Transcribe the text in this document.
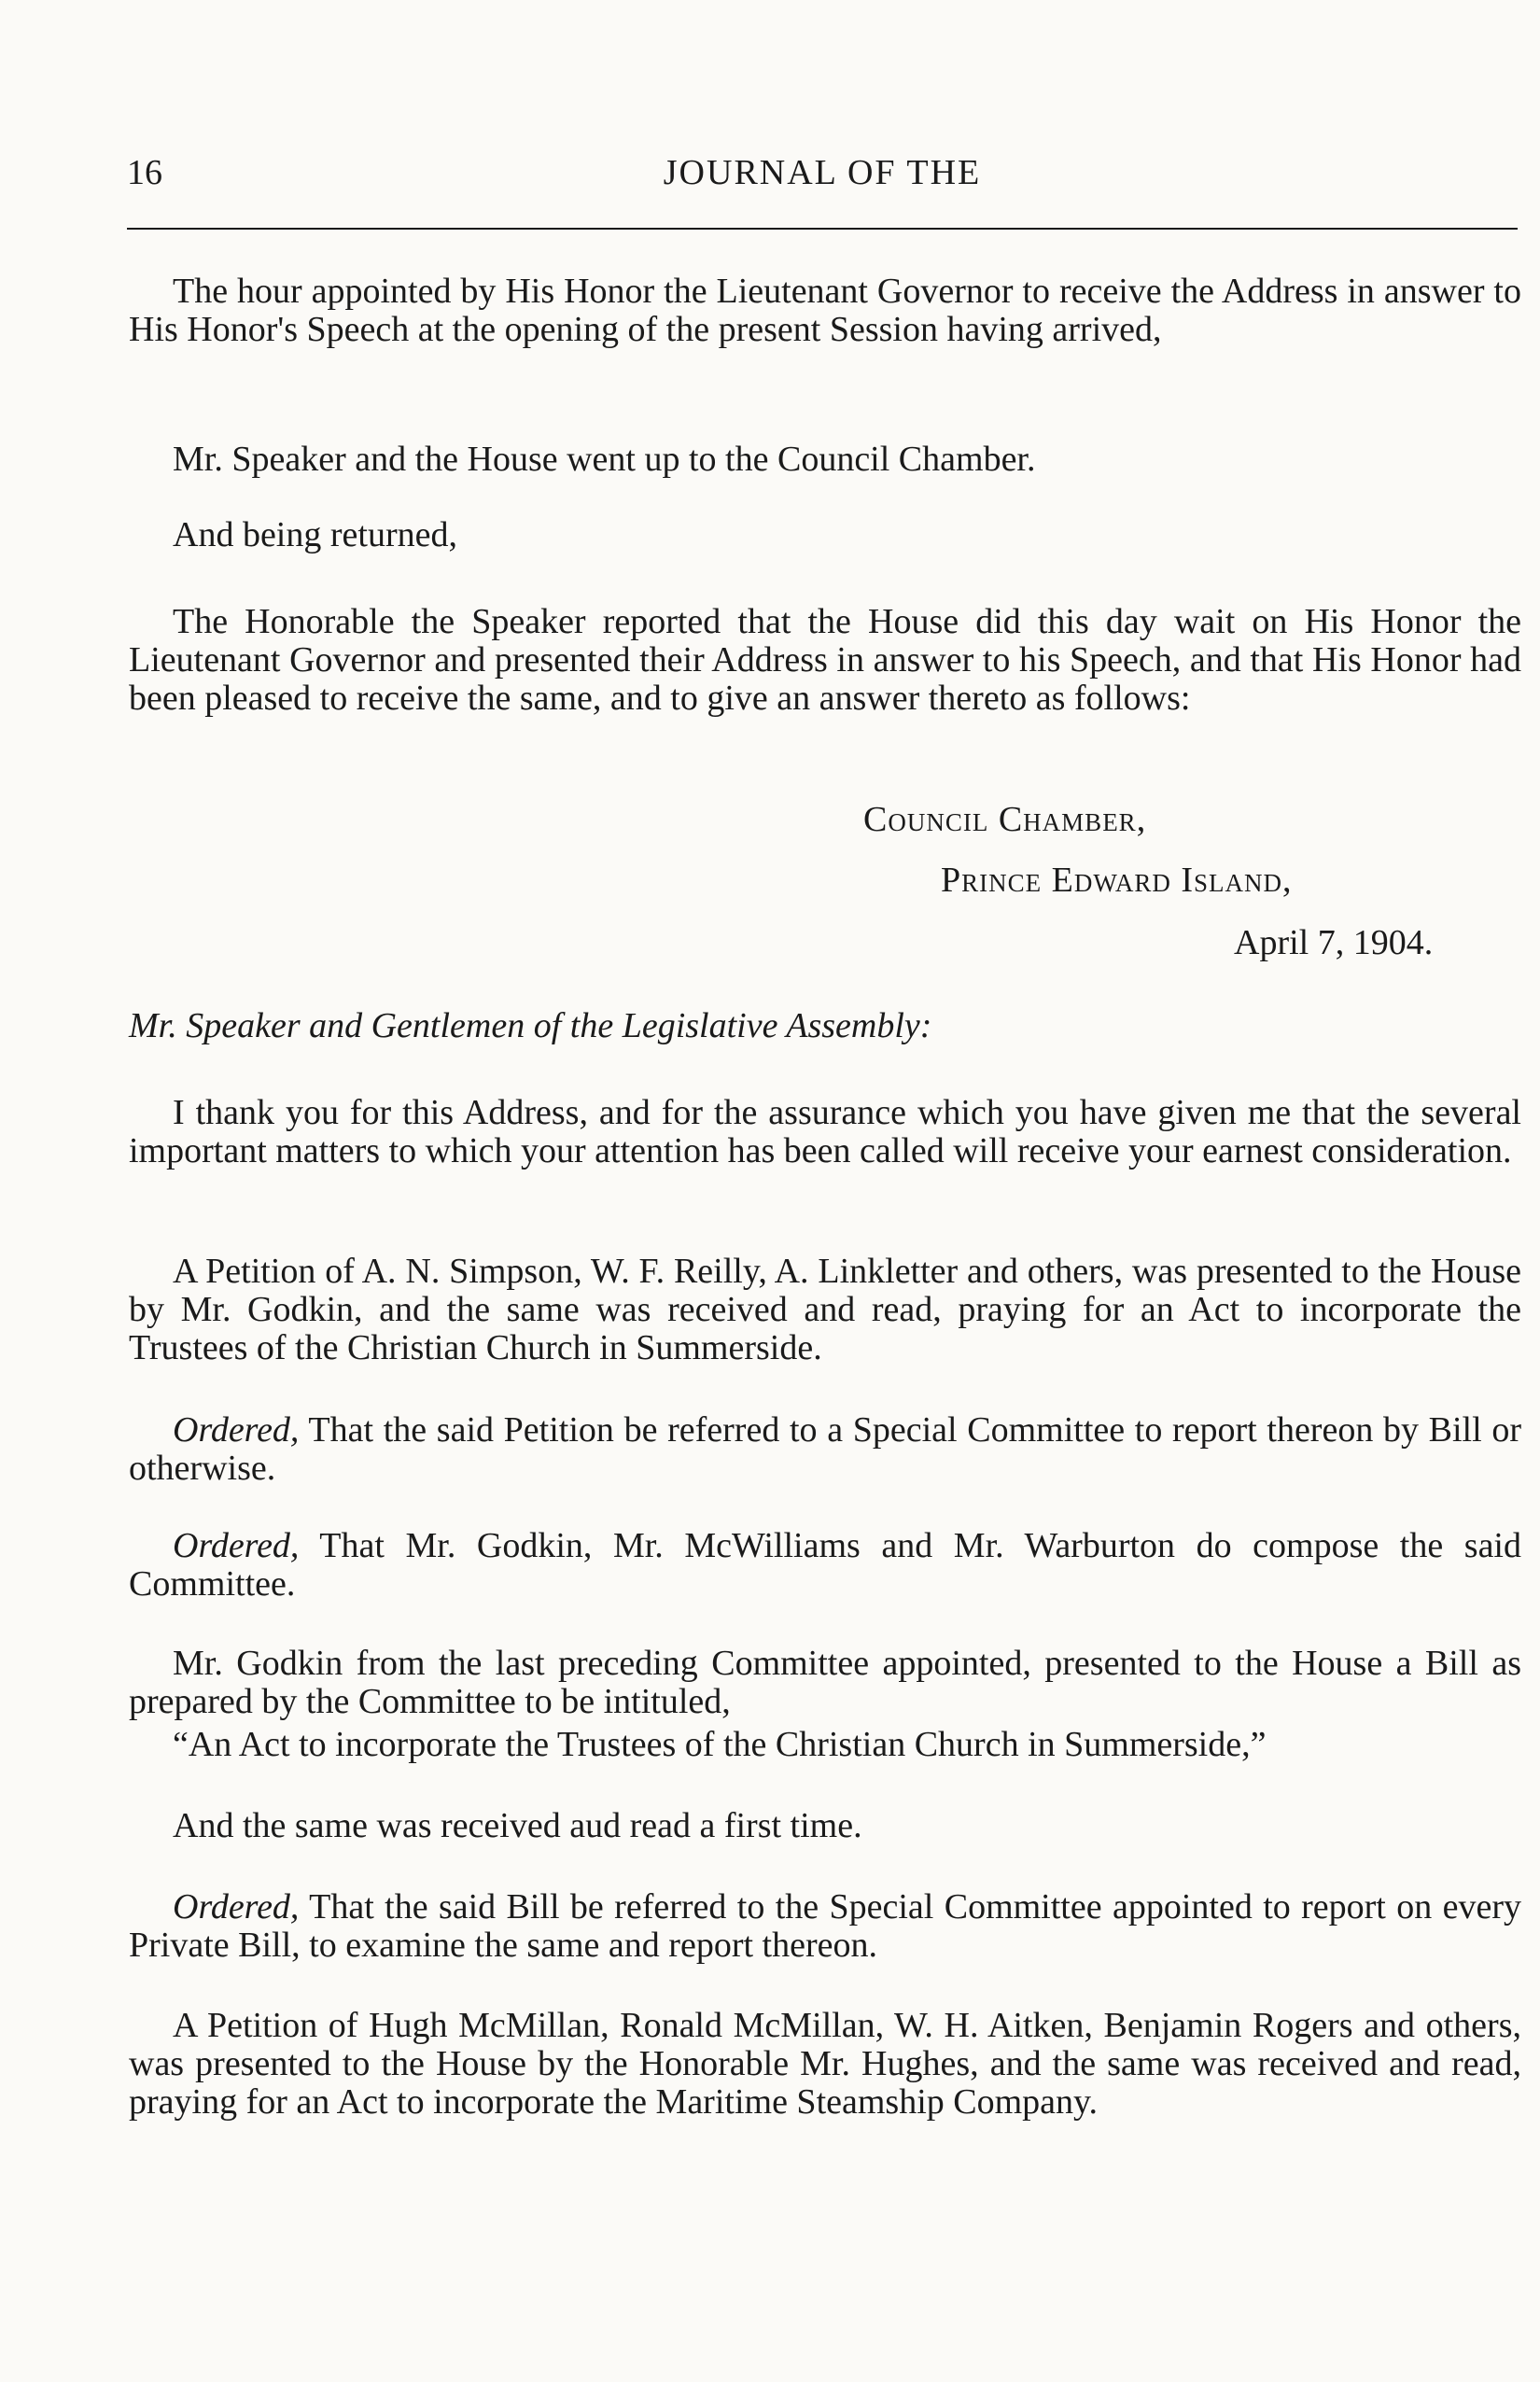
16	JOURNAL OF THE

The hour appointed by His Honor the Lieutenant Governor to receive the Address in answer to His Honor's Speech at the opening of the present Session having arrived,

Mr. Speaker and the House went up to the Council Chamber.

And being returned,

The Honorable the Speaker reported that the House did this day wait on His Honor the Lieutenant Governor and presented their Address in answer to his Speech, and that His Honor had been pleased to receive the same, and to give an answer thereto as follows:

Council Chamber,

Prince Edward Island,

April 7, 1904.

Mr. Speaker and Gentlemen of the Legislative Assembly:

I thank you for this Address, and for the assurance which you have given me that the several important matters to which your attention has been called will receive your earnest consideration.

A Petition of A. N. Simpson, W. F. Reilly, A. Linkletter and others, was presented to the House by Mr. Godkin, and the same was received and read, praying for an Act to incorporate the Trustees of the Christian Church in Summerside.

Ordered, That the said Petition be referred to a Special Committee to report thereon by Bill or otherwise.

Ordered, That Mr. Godkin, Mr. McWilliams and Mr. Warburton do compose the said Committee.

Mr. Godkin from the last preceding Committee appointed, presented to the House a Bill as prepared by the Committee to be intituled,

“An Act to incorporate the Trustees of the Christian Church in Summerside,”

And the same was received aud read a first time.

Ordered, That the said Bill be referred to the Special Committee appointed to report on every Private Bill, to examine the same and report thereon.

A Petition of Hugh McMillan, Ronald McMillan, W. H. Aitken, Benjamin Rogers and others, was presented to the House by the Honorable Mr. Hughes, and the same was received and read, praying for an Act to incorporate the Maritime Steamship Company.
